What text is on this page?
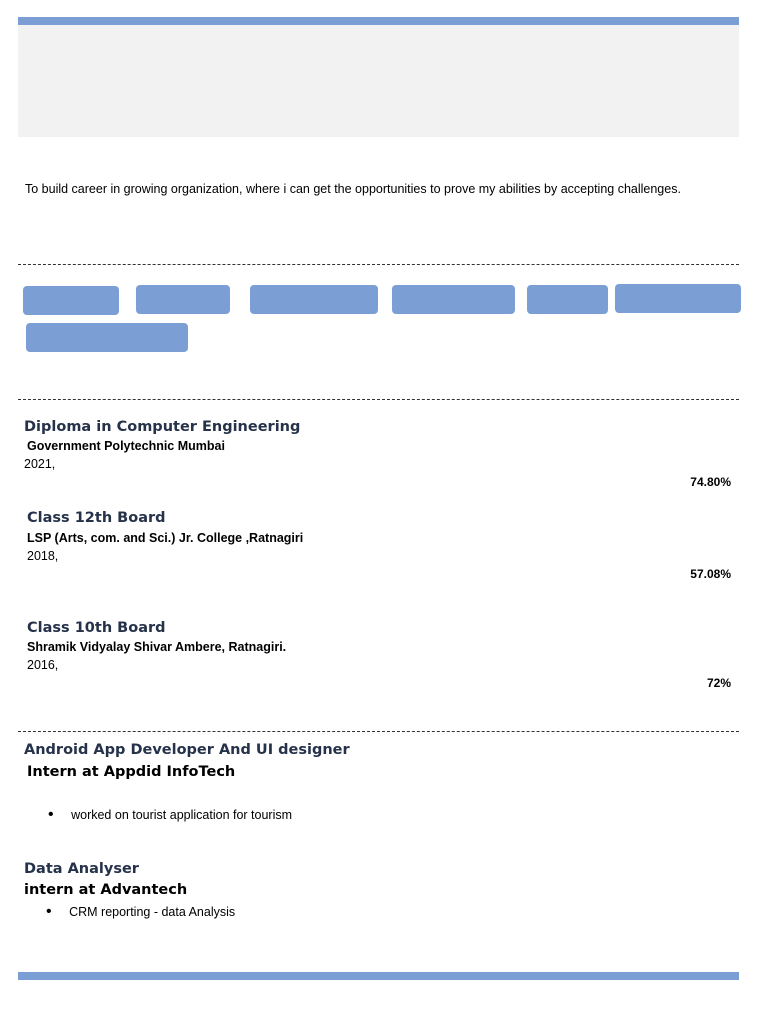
To build career in growing organization, where i can get the opportunities to prove my abilities by accepting challenges.
Diploma in Computer Engineering
Government Polytechnic Mumbai
2021,
74.80%
Class 12th Board
LSP (Arts, com. and Sci.) Jr. College ,Ratnagiri
2018,
57.08%
Class 10th Board
Shramik Vidyalay Shivar Ambere, Ratnagiri.
2016,
72%
Android App Developer And UI designer
Intern at Appdid InfoTech
• worked on tourist application for tourism
Data Analyser
intern at Advantech
• CRM reporting - data Analysis
